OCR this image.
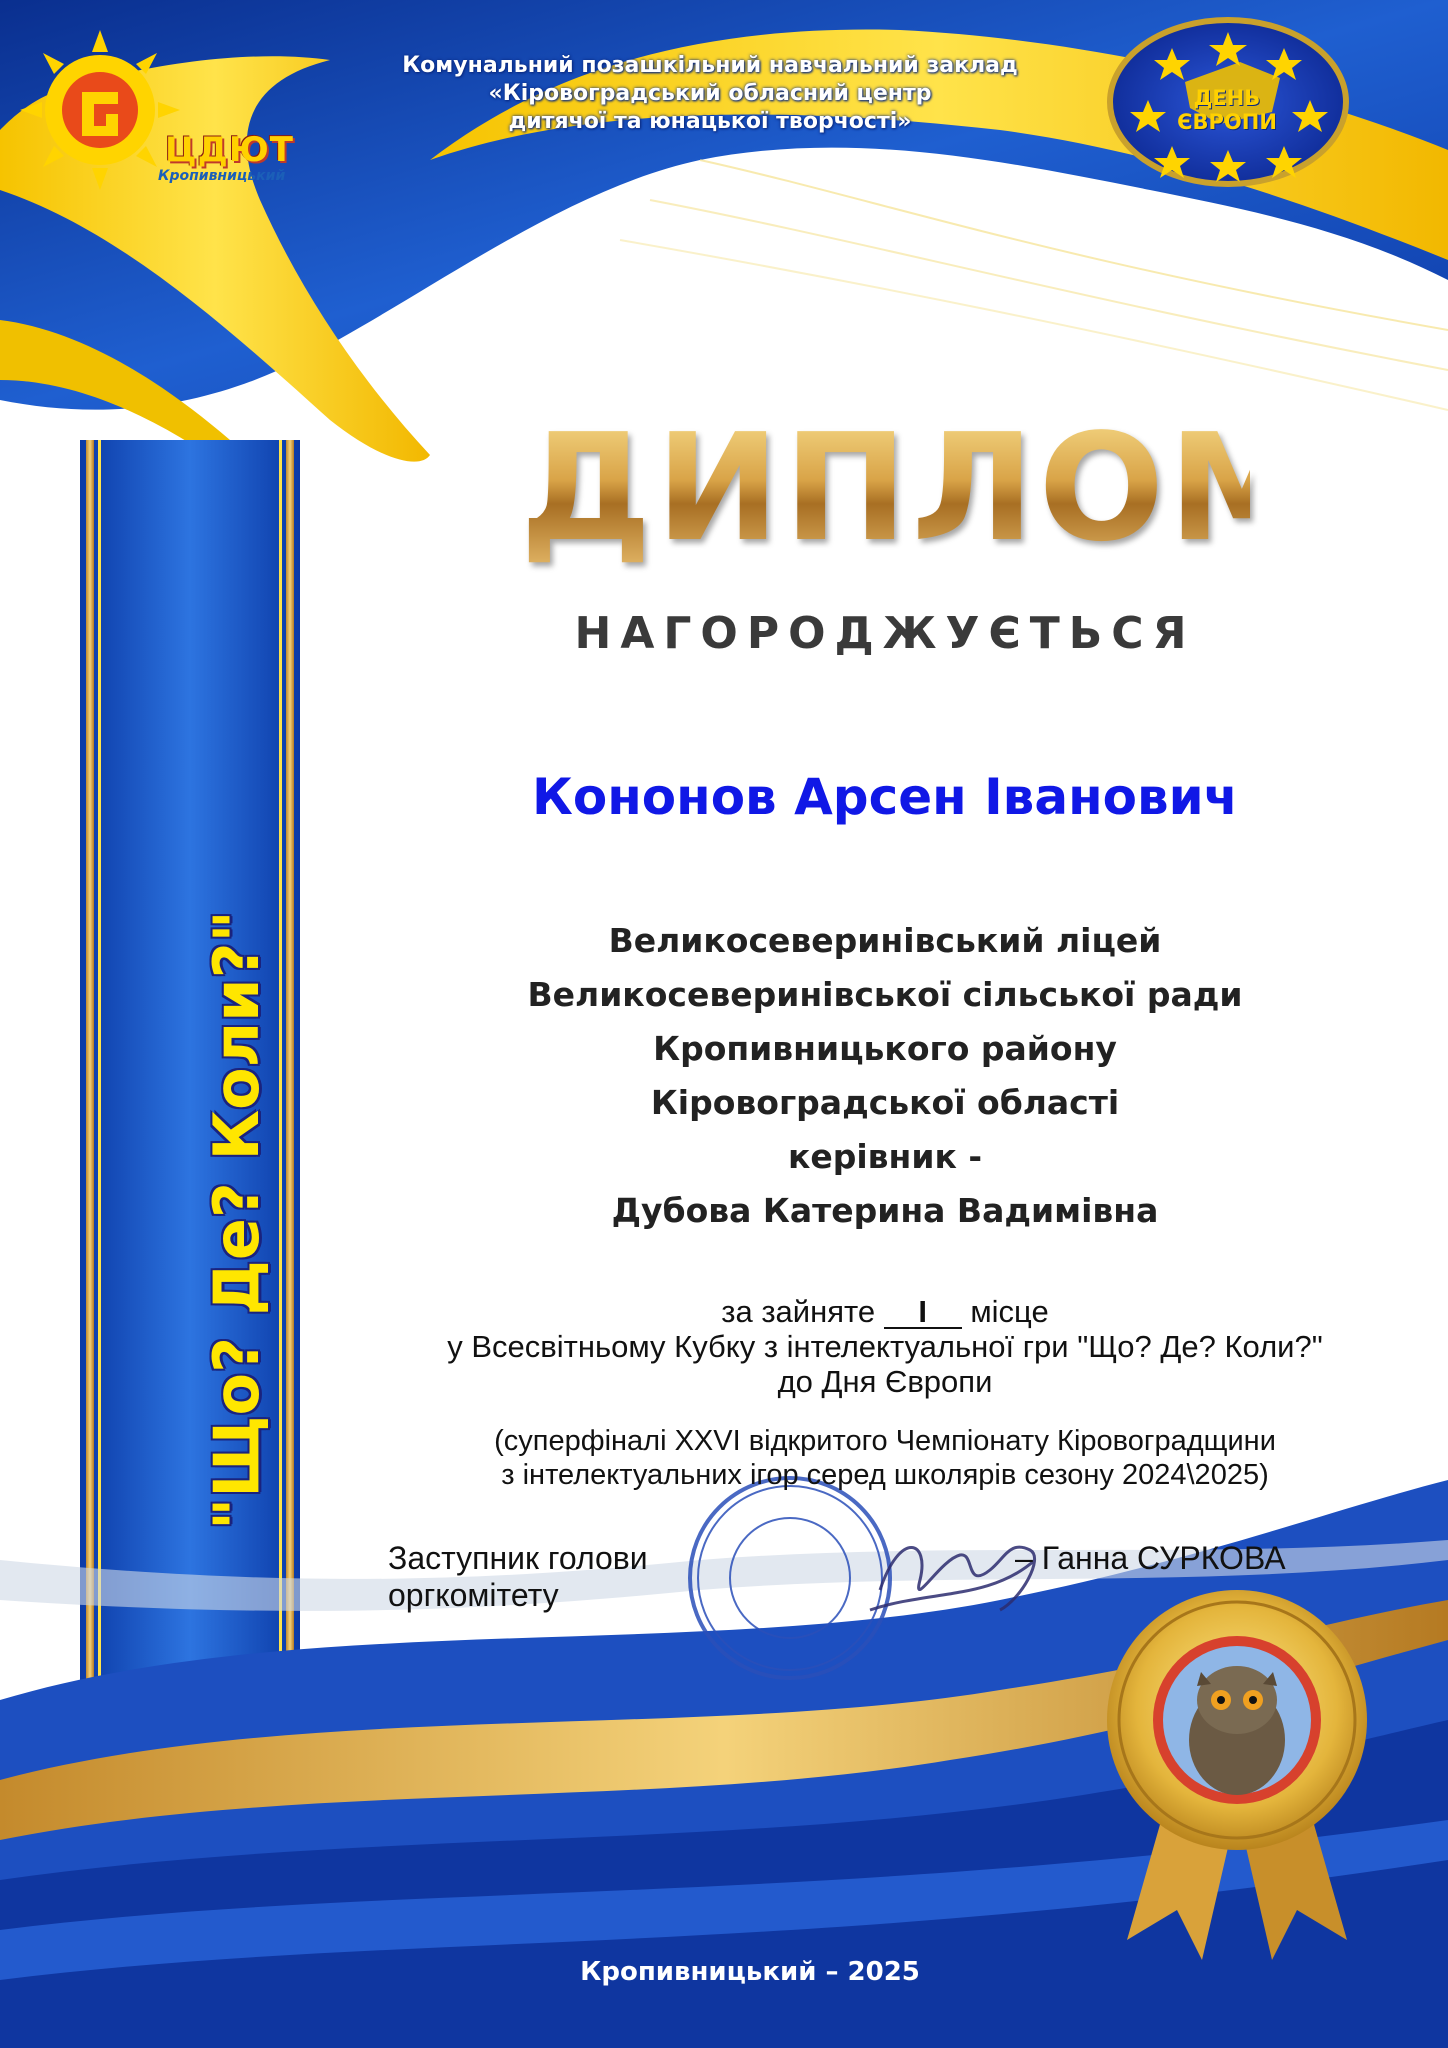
Комунальний позашкільний навчальний заклад
«Кіровоградський обласний центр
дитячої та юнацької творчості»
ЦДЮТ
Кропивницький
ДЕНЬ
ЄВРОПИ
"Що? Де? Коли?"
ДИПЛОМ
НАГОРОДЖУЄТЬСЯ
Кононов Арсен Іванович
Великосеверинівський ліцей
Великосеверинівської сільської ради
Кропивницького району
Кіровоградської області
керівник -
Дубова Катерина Вадимівна
за зайняте I місце
у Всесвітньому Кубку з інтелектуальної гри "Що? Де? Коли?"
до Дня Європи
(суперфіналі XXVI відкритого Чемпіонату Кіровоградщини
з інтелектуальних ігор серед школярів сезону 2024\2025)
Заступник голови
оргкомітету
– Ганна СУРКОВА
Кропивницький – 2025
